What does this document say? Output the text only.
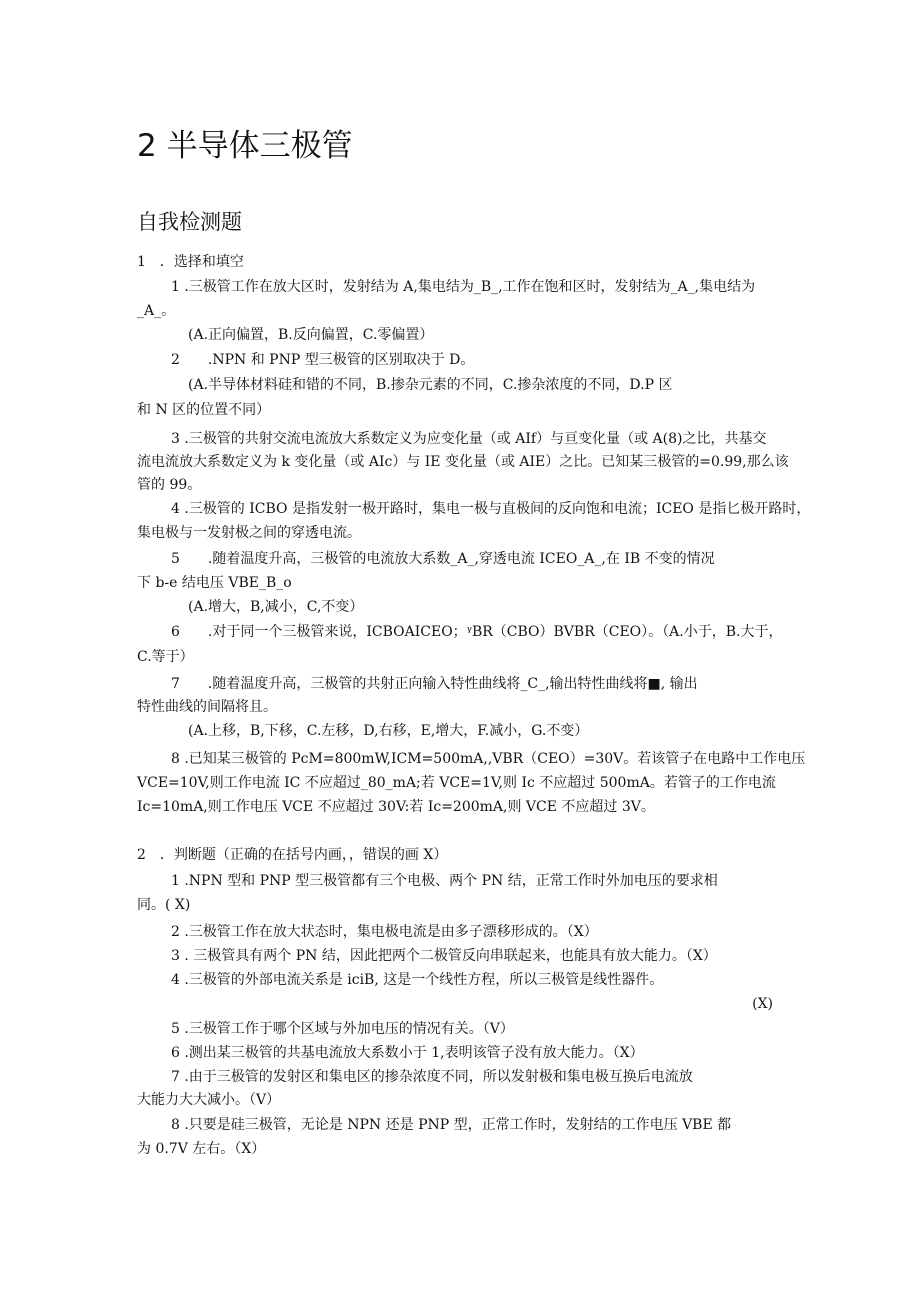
2 半导体三极管
自我检测题
1　．选择和填空
1 .三极管工作在放大区时，发射结为 A,集电结为_B_,工作在饱和区时，发射结为_A_,集电结为
_A_。
(A.正向偏置，B.反向偏置，C.零偏置）
2　　.NPN 和 PNP 型三极管的区别取决于 D。
(A.半导体材料硅和错的不同，B.掺杂元素的不同，C.掺杂浓度的不同，D.P 区
和 N 区的位置不同）
3 .三极管的共射交流电流放大系数定义为应变化量（或 AIf）与亘变化量（或 A(8)之比，共基交
流电流放大系数定义为 k 变化量（或 AIc）与 IE 变化量（或 AIE）之比。已知某三极管的=0.99,那么该
管的 99。
4 .三极管的 ICBO 是指发射一极开路时，集电一极与直极间的反向饱和电流；ICEO 是指匕极开路时，
集电极与一发射极之间的穿透电流。
5　　.随着温度升高，三极管的电流放大系数_A_,穿透电流 ICEO_A_,在 IB 不变的情况
下 b-e 结电压 VBE_B_o
(A.增大，B,减小，C,不变）
6　　.对于同一个三极管来说，ICBOAICEO；ᵞBR（CBO）BVBR（CEO）。（A.小于，B.大于，
C.等于）
7　　.随着温度升高，三极管的共射正向输入特性曲线将_C_,输出特性曲线将■, 输出
特性曲线的间隔将且。
(A.上移，B,下移，C.左移，D,右移，E,增大，F.减小，G.不变）
8 .已知某三极管的 PcM=800mW,ICM=500mA,,VBR（CEO）=30V。若该管子在电路中工作电压
VCE=10V,则工作电流 IC 不应超过_80_mA;若 VCE=1V,则 Ic 不应超过 500mA。若管子的工作电流
Ic=10mA,则工作电压 VCE 不应超过 30V:若 Ic=200mA,则 VCE 不应超过 3V。
2　．判断题（正确的在括号内画，，错误的画 X）
1 .NPN 型和 PNP 型三极管都有三个电极、两个 PN 结，正常工作时外加电压的要求相
同。( X)
2 .三极管工作在放大状态时，集电极电流是由多子漂移形成的。（X）
3 . 三极管具有两个 PN 结，因此把两个二极管反向串联起来，也能具有放大能力。（X）
4 .三极管的外部电流关系是 iciB, 这是一个线性方程，所以三极管是线性器件。
(X)
5 .三极管工作于哪个区域与外加电压的情况有关。（V）
6 .测出某三极管的共基电流放大系数小于 1,表明该管子没有放大能力。（X）
7 .由于三极管的发射区和集电区的掺杂浓度不同，所以发射极和集电极互换后电流放
大能力大大减小。（V）
8 .只要是硅三极管，无论是 NPN 还是 PNP 型，正常工作时，发射结的工作电压 VBE 都
为 0.7V 左右。（X）
